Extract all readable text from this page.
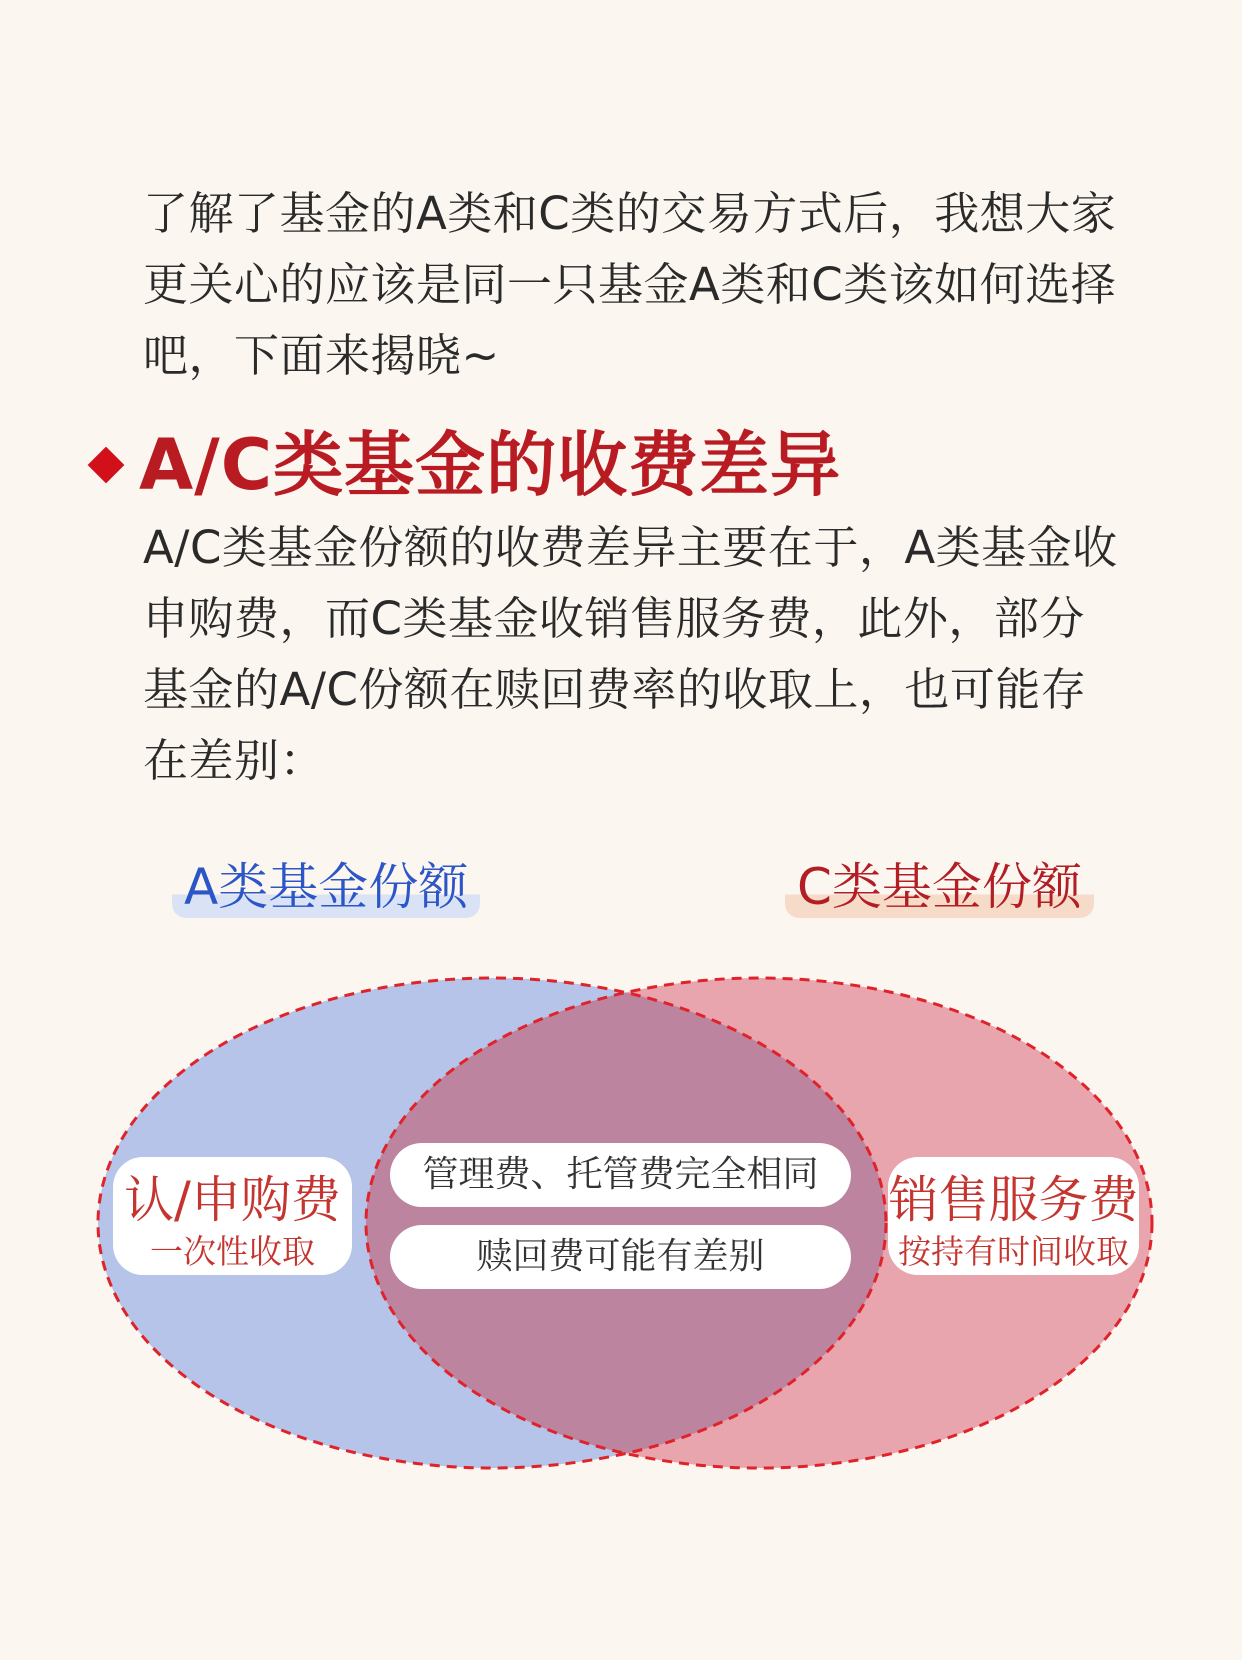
了解了基金的A类和C类的交易方式后，我想大家更关心的应该是同一只基金A类和C类该如何选择吧，下面来揭晓~

A/C类基金的收费差异

A/C类基金份额的收费差异主要在于，A类基金收申购费，而C类基金收销售服务费，此外，部分基金的A/C份额在赎回费率的收取上，也可能存在差别：

A类基金份额	C类基金份额
认/申购费
一次性收取
销售服务费
按持有时间收取
管理费、托管费完全相同
赎回费可能有差别
